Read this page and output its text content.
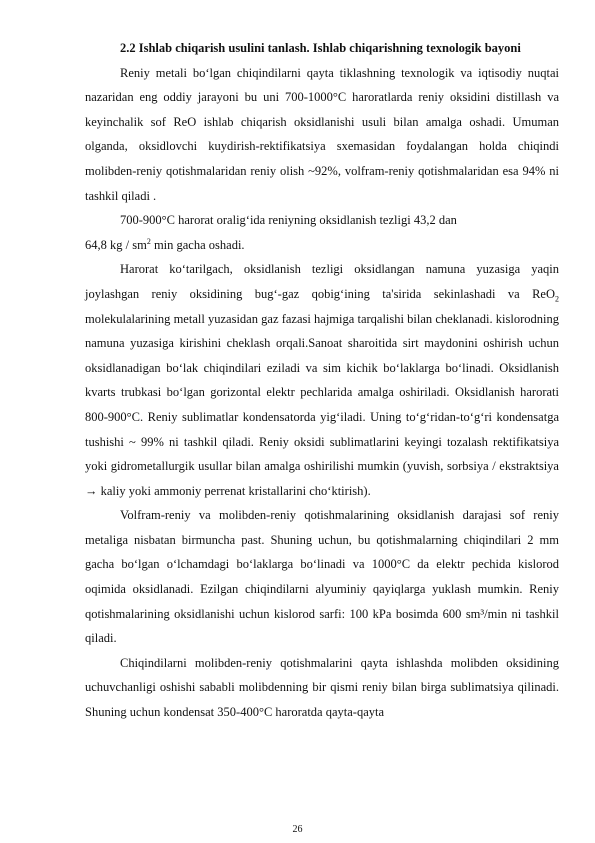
2.2 Ishlab chiqarish usulini tanlash. Ishlab chiqarishning texnologik bayoni

Reniy metali bo‘lgan chiqindilarni qayta tiklashning texnologik va iqtisodiy nuqtai nazaridan eng oddiy jarayoni bu uni 700-1000°C haroratlarda reniy oksidini distillash va keyinchalik sof ReO ishlab chiqarish oksidlanishi usuli bilan amalga oshadi. Umuman olganda, oksidlovchi kuydirish-rektifikatsiya sxemasidan foydalangan holda chiqindi molibden-reniy qotishmalaridan reniy olish ~92%, volfram-reniy qotishmalaridan esa 94% ni tashkil qiladi .

700-900°C harorat oralig‘ida reniyning oksidlanish tezligi 43,2 dan

64,8 kg / $sm^2$ min gacha oshadi.

Harorat ko‘tarilgach, oksidlanish tezligi oksidlangan namuna yuzasiga yaqin joylashgan reniy oksidining bug‘-gaz qobig‘ining ta'sirida sekinlashadi va ReO$_2$ molekulalarining metall yuzasidan gaz fazasi hajmiga tarqalishi bilan cheklanadi. kislorodning namuna yuzasiga kirishini cheklash orqali.Sanoat sharoitida sirt maydonini oshirish uchun oksidlanadigan bo‘lak chiqindilari eziladi va sim kichik bo‘laklarga bo‘linadi. Oksidlanish kvarts trubkasi bo‘lgan gorizontal elektr pechlarida amalga oshiriladi. Oksidlanish harorati 800-900°C. Reniy sublimatlar kondensatorda yig‘iladi. Uning to‘g‘ridan-to‘g‘ri kondensatga tushishi ~ 99% ni tashkil qiladi. Reniy oksidi sublimatlarini keyingi tozalash rektifikatsiya yoki gidrometallurgik usullar bilan amalga oshirilishi mumkin (yuvish, sorbsiya / ekstraktsiya → kaliy yoki ammoniy perrenat kristallarini cho‘ktirish).

Volfram-reniy va molibden-reniy qotishmalarining oksidlanish darajasi sof reniy metaliga nisbatan birmuncha past. Shuning uchun, bu qotishmalarning chiqindilari 2 mm gacha bo‘lgan o‘lchamdagi bo‘laklarga bo‘linadi va 1000°C da elektr pechida kislorod oqimida oksidlanadi. Ezilgan chiqindilarni alyuminiy qayiqlarga yuklash mumkin. Reniy qotishmalarining oksidlanishi uchun kislorod sarfi: 100 kPa bosimda 600 sm³/min ni tashkil qiladi.

Chiqindilarni molibden-reniy qotishmalarini qayta ishlashda molibden oksidining uchuvchanligi oshishi sababli molibdenning bir qismi reniy bilan birga sublimatsiya qilinadi. Shuning uchun kondensat 350-400°C haroratda qayta-qayta

26
